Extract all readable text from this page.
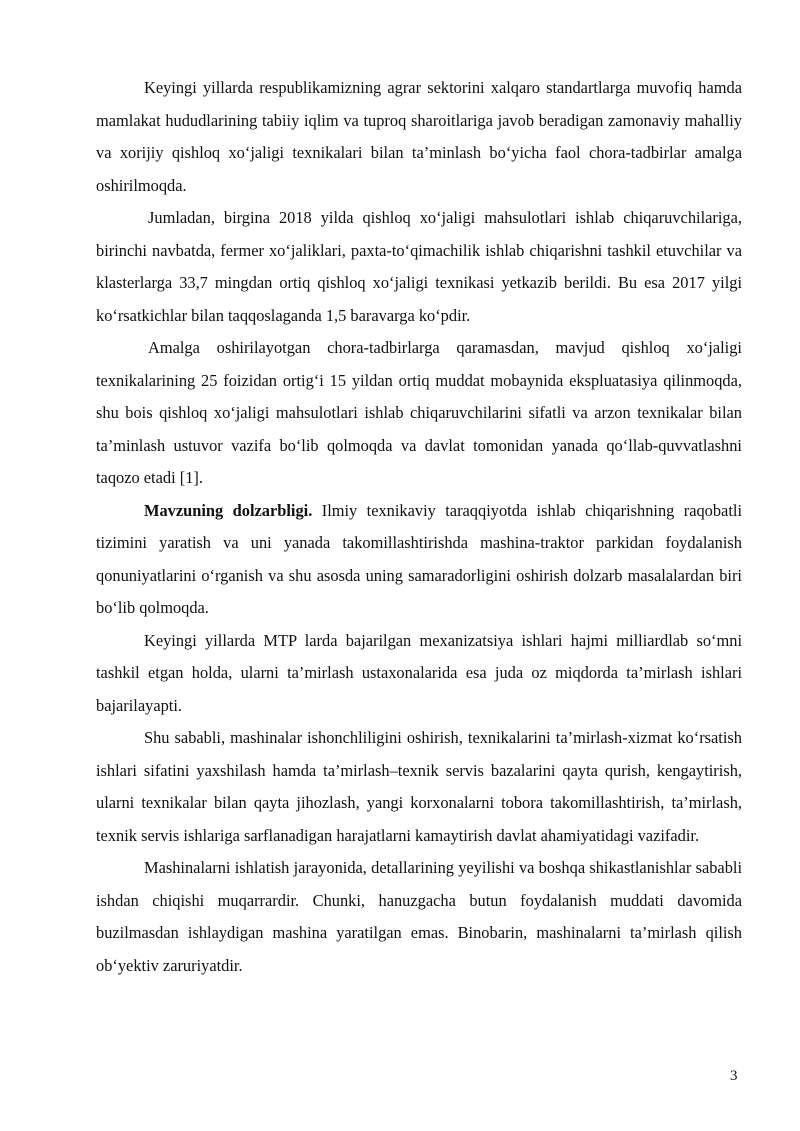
Keyingi yillarda respublikamizning agrar sektorini xalqaro standartlarga muvofiq hamda mamlakat hududlarining tabiiy iqlim va tuproq sharoitlariga javob beradigan zamonaviy mahalliy va xorijiy qishloq xo‘jaligi texnikalari bilan ta’minlash bo‘yicha faol chora-tadbirlar amalga oshirilmoqda.

Jumladan, birgina 2018 yilda qishloq xo‘jaligi mahsulotlari ishlab chiqaruvchilariga, birinchi navbatda, fermer xo‘jaliklari, paxta-to‘qimachilik ishlab chiqarishni tashkil etuvchilar va klasterlarga 33,7 mingdan ortiq qishloq xo‘jaligi texnikasi yetkazib berildi. Bu esa 2017 yilgi ko‘rsatkichlar bilan taqqoslaganda 1,5 baravarga ko‘pdir.

Amalga oshirilayotgan chora-tadbirlarga qaramasdan, mavjud qishloq xo‘jaligi texnikalarining 25 foizidan ortig‘i 15 yildan ortiq muddat mobaynida ekspluatasiya qilinmoqda, shu bois qishloq xo‘jaligi mahsulotlari ishlab chiqaruvchilarini sifatli va arzon texnikalar bilan ta’minlash ustuvor vazifa bo‘lib qolmoqda va davlat tomonidan yanada qo‘llab-quvvatlashni taqozo etadi [1].

Mavzuning dolzarbligi. Ilmiy texnikaviy taraqqiyotda ishlab chiqarishning raqobatli tizimini yaratish va uni yanada takomillashtirishda mashina-traktor parkidan foydalanish qonuniyatlarini o‘rganish va shu asosda uning samaradorligini oshirish dolzarb masalalardan biri bo‘lib qolmoqda.

Keyingi yillarda MTP larda bajarilgan mexanizatsiya ishlari hajmi milliardlab so‘mni tashkil etgan holda, ularni ta’mirlash ustaxonalarida esa juda oz miqdorda ta’mirlash ishlari bajarilayapti.

Shu sababli, mashinalar ishonchliligini oshirish, texnikalarini ta’mirlash-xizmat ko‘rsatish ishlari sifatini yaxshilash hamda ta’mirlash–texnik servis bazalarini qayta qurish, kengaytirish, ularni texnikalar bilan qayta jihozlash, yangi korxonalarni tobora takomillashtirish, ta’mirlash, texnik servis ishlariga sarflanadigan harajatlarni kamaytirish davlat ahamiyatidagi vazifadir.

Mashinalarni ishlatish jarayonida, detallarining yeyilishi va boshqa shikastlanishlar sababli ishdan chiqishi muqarrardir. Chunki, hanuzgacha butun foydalanish muddati davomida buzilmasdan ishlaydigan mashina yaratilgan emas. Binobarin, mashinalarni ta’mirlash qilish ob‘yektiv zaruriyatdir.

3
